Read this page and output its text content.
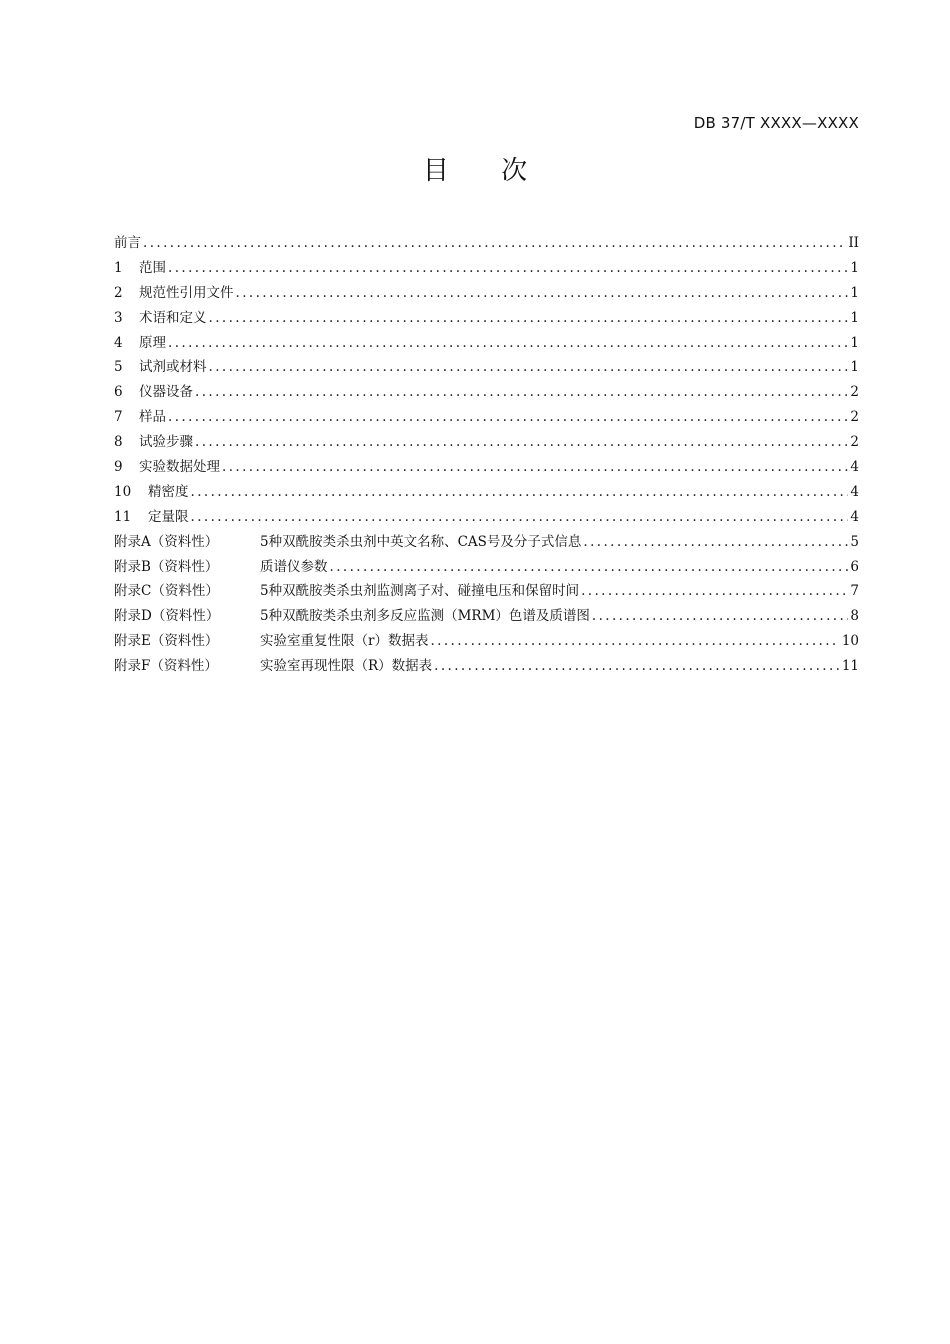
DB 37/T XXXX—XXXX
目 次
前言 .....	II
1	范围 .....	1
2	规范性引用文件 .....	1
3	术语和定义 .....	1
4	原理 .....	1
5	试剂或材料 .....	1
6	仪器设备 .....	2
7	样品 .....	2
8	试验步骤 .....	2
9	实验数据处理 .....	4
10	精密度 .....	4
11	定量限 .....	4
附录A（资料性）	5种双酰胺类杀虫剂中英文名称、CAS号及分子式信息 .....	5
附录B（资料性）	质谱仪参数 .....	6
附录C（资料性）	5种双酰胺类杀虫剂监测离子对、碰撞电压和保留时间 .....	7
附录D（资料性）	5种双酰胺类杀虫剂多反应监测（MRM）色谱及质谱图 .....	8
附录E（资料性）	实验室重复性限（r）数据表 .....	10
附录F（资料性）	实验室再现性限（R）数据表 .....	11
